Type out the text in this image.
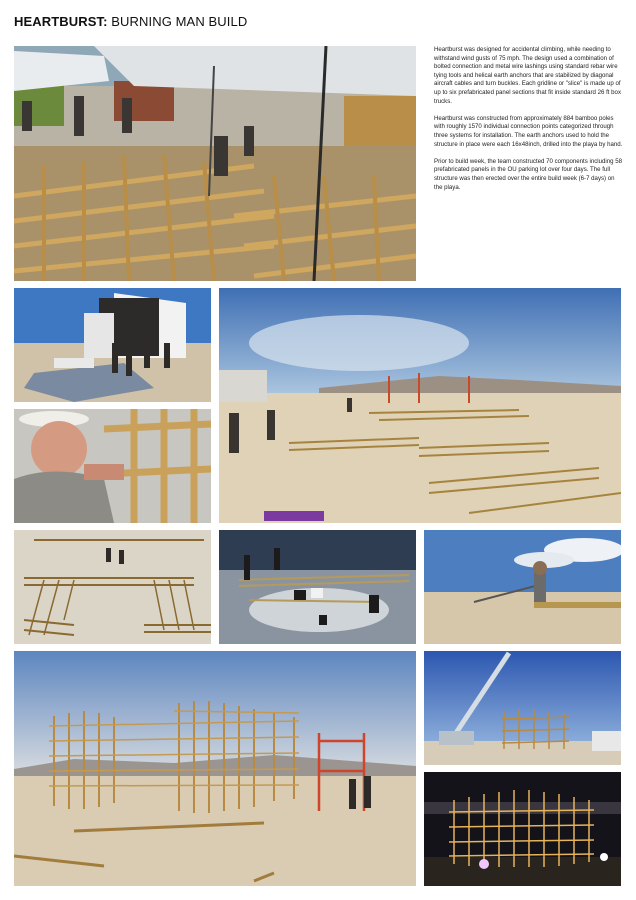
HEARTBURST: BURNING MAN BUILD

Heartburst was designed for accidental climbing, while needing to withstand wind gusts of 75 mph. The design used a combination of bolted connection and metal wire lashings using standard rebar wire tying tools and helical earth anchors that are stabilized by diagonal aircraft cables and turn buckles. Each gridline or "slice" is made up of up to six prefabricated panel sections that fit inside standard 26 ft box trucks.

Heartburst was constructed from approximately 884 bamboo poles with roughly 1570 individual connection points categorized through three systems for installation. The earth anchors used to hold the structure in place were each 16x48inch, drilled into the playa by hand.

Prior to build week, the team constructed 70 components including 58 prefabricated panels in the OU parking lot over four days. The full structure was then erected over the entire build week (6-7 days) on the playa.
